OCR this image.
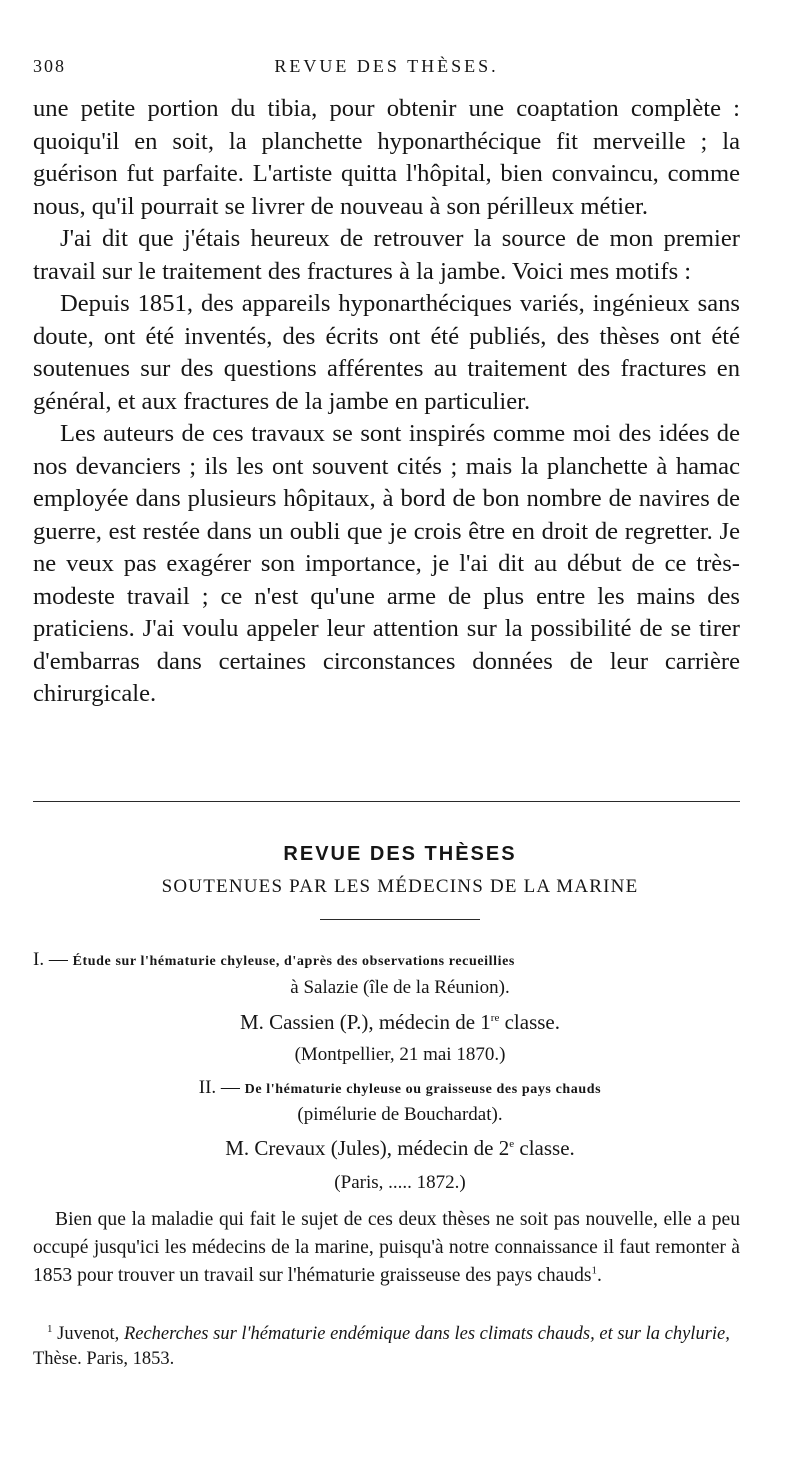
308	REVUE DES THÈSES.

une petite portion du tibia, pour obtenir une coaptation complète : quoiqu'il en soit, la planchette hyponarthécique fit merveille ; la guérison fut parfaite. L'artiste quitta l'hôpital, bien convaincu, comme nous, qu'il pourrait se livrer de nouveau à son périlleux métier.

J'ai dit que j'étais heureux de retrouver la source de mon premier travail sur le traitement des fractures à la jambe. Voici mes motifs :

Depuis 1851, des appareils hyponarthéciques variés, ingénieux sans doute, ont été inventés, des écrits ont été publiés, des thèses ont été soutenues sur des questions afférentes au traitement des fractures en général, et aux fractures de la jambe en particulier.

Les auteurs de ces travaux se sont inspirés comme moi des idées de nos devanciers ; ils les ont souvent cités ; mais la planchette à hamac employée dans plusieurs hôpitaux, à bord de bon nombre de navires de guerre, est restée dans un oubli que je crois être en droit de regretter. Je ne veux pas exagérer son importance, je l'ai dit au début de ce très-modeste travail ; ce n'est qu'une arme de plus entre les mains des praticiens. J'ai voulu appeler leur attention sur la possibilité de se tirer d'embarras dans certaines circonstances données de leur carrière chirurgicale.

REVUE DES THÈSES
SOUTENUES PAR LES MÉDECINS DE LA MARINE
I. — Étude sur l'hématurie chyleuse, d'après des observations recueillies
à Salazie (île de la Réunion).
M. Cassien (P.), médecin de 1re classe.
(Montpellier, 21 mai 1870.)
II. — De l'hématurie chyleuse ou graisseuse des pays chauds
(pimélurie de Bouchardat).
M. Crevaux (Jules), médecin de 2e classe.
(Paris, ..... 1872.)

Bien que la maladie qui fait le sujet de ces deux thèses ne soit pas nouvelle, elle a peu occupé jusqu'ici les médecins de la marine, puisqu'à notre connaissance il faut remonter à 1853 pour trouver un travail sur l'hématurie graisseuse des pays chauds$^1$.

$^1$ Juvenot, Recherches sur l'hématurie endémique dans les climats chauds, et sur la chylurie, Thèse. Paris, 1853.
